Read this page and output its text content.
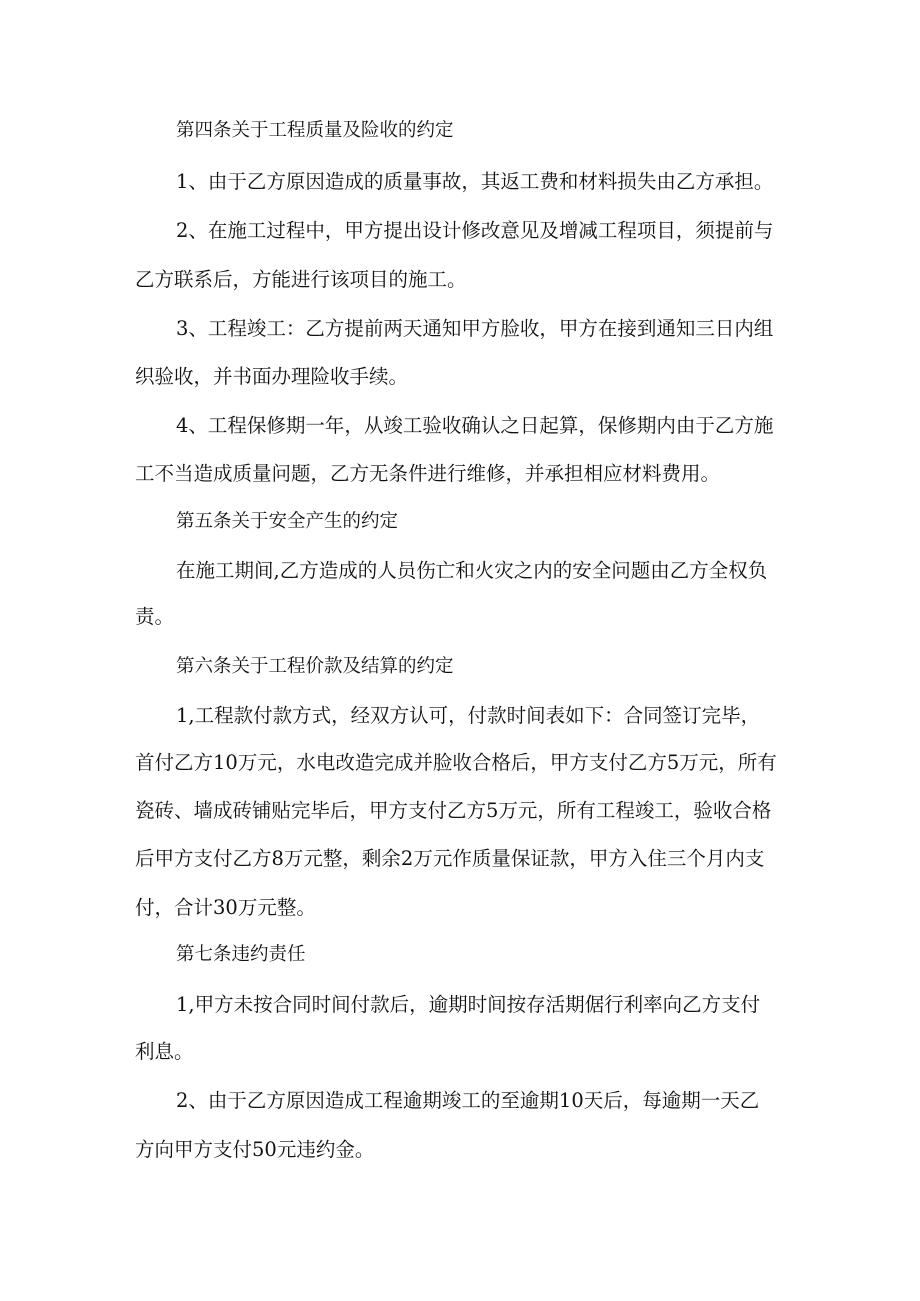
第四条关于工程质量及险收的约定
1、由于乙方原因造成的质量事故，其返工费和材料损失由乙方承担。
2、在施工过程中，甲方提出设计修改意见及增减工程项目，须提前与
乙方联系后，方能进行该项目的施工。
3、工程竣工：乙方提前两天通知甲方脸收，甲方在接到通知三日内组
织验收，并书面办理险收手续。
4、工程保修期一年，从竣工验收确认之日起算，保修期内由于乙方施
工不当造成质量问题，乙方无条件进行维修，并承担相应材料费用。
第五条关于安全产生的约定
在施工期间,乙方造成的人员伤亡和火灾之内的安全问题由乙方全权负
责。
第六条关于工程价款及结算的约定
1,工程款付款方式，经双方认可，付款时间表如下：合同签订完毕，
首付乙方10万元，水电改造完成并脸收合格后，甲方支付乙方5万元，所有
瓷砖、墙成砖铺贴完毕后，甲方支付乙方5万元，所有工程竣工，验收合格
后甲方支付乙方8万元整，剩余2万元作质量保证款，甲方入住三个月内支
付，合计30万元整。
第七条违约责任
1,甲方未按合同时间付款后，逾期时间按存活期倨行利率向乙方支付
利息。
2、由于乙方原因造成工程逾期竣工的至逾期10天后，每逾期一天乙
方向甲方支付50元违约金。
